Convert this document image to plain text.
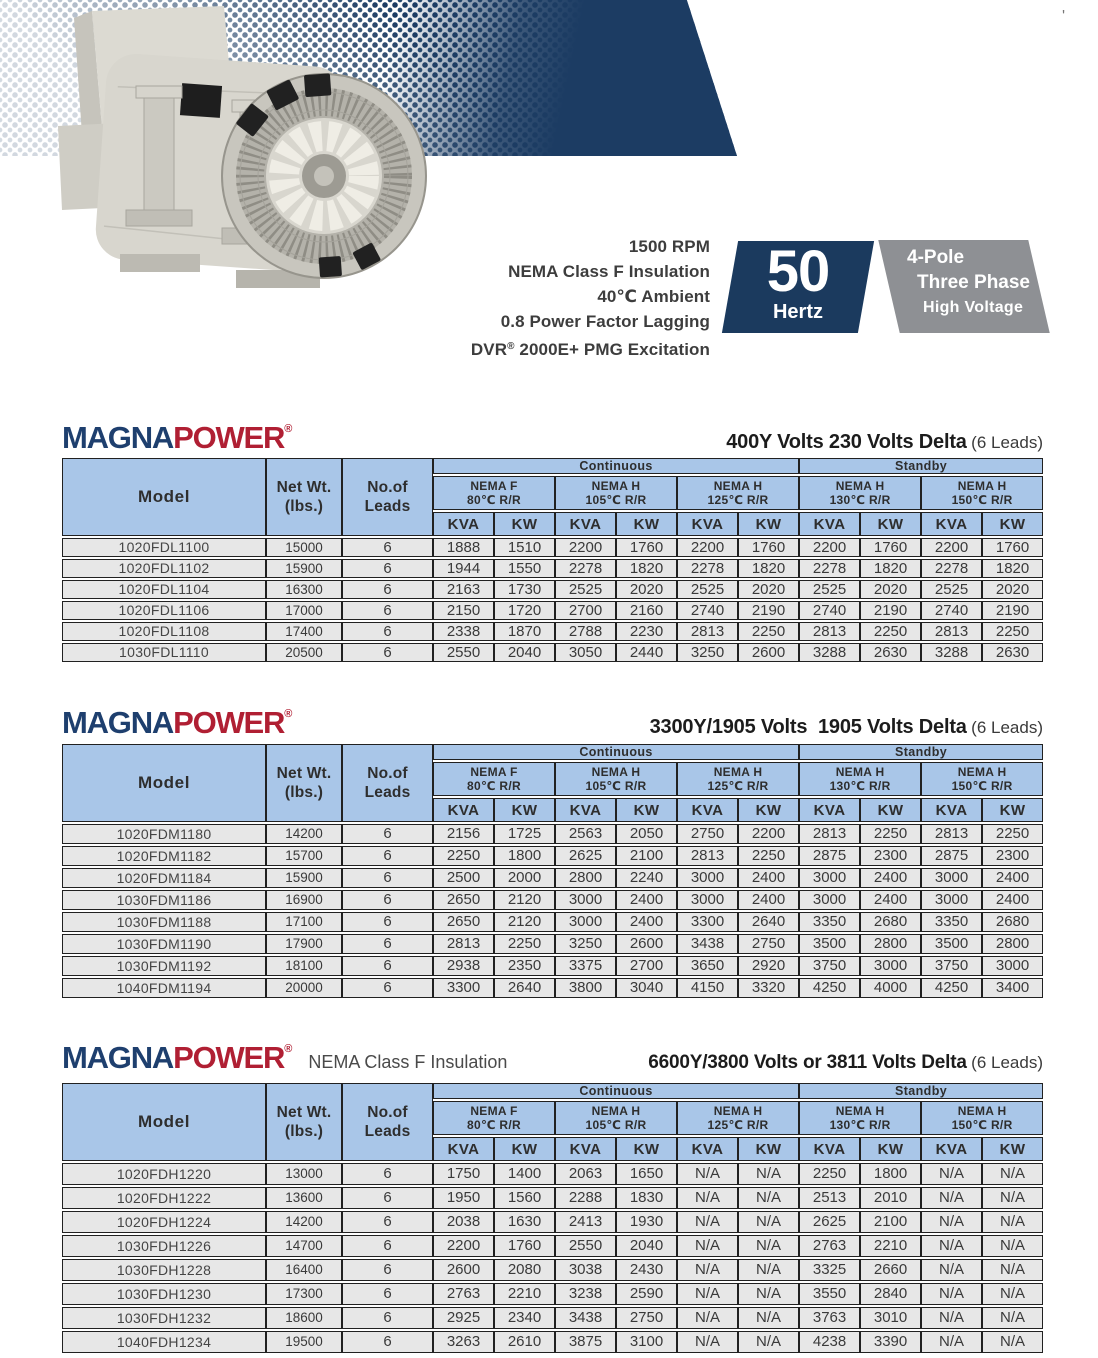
'
1500 RPM
NEMA Class F Insulation
40℃ Ambient
0.8 Power Factor Lagging
DVR® 2000E+ PMG Excitation
50
Hertz
4-Pole
Three Phase
High Voltage
MAGNAPOWER®
400Y Volts 230 Volts Delta (6 Leads)
Model	Net Wt.
(lbs.)

No.of
Leads
	Continuous	Standby

NEMA F
80℃ R/R

NEMA H
105℃ R/R

NEMA H
125℃ R/R

NEMA H
130℃ R/R

NEMA H
150℃ R/R

			KVA	KW	KVA	KW	KVA	KW	KVA	KW	KVA	KW
1020FDL1100	15000	6	1888	1510	2200	1760	2200	1760	2200	1760	2200	1760
1020FDL1102	15900	6	1944	1550	2278	1820	2278	1820	2278	1820	2278	1820
1020FDL1104	16300	6	2163	1730	2525	2020	2525	2020	2525	2020	2525	2020
1020FDL1106	17000	6	2150	1720	2700	2160	2740	2190	2740	2190	2740	2190
1020FDL1108	17400	6	2338	1870	2788	2230	2813	2250	2813	2250	2813	2250
1030FDL1110	20500	6	2550	2040	3050	2440	3250	2600	3288	2630	3288	2630
MAGNAPOWER®
3300Y/1905 Volts  1905 Volts Delta (6 Leads)
Model	Net Wt.
(lbs.)

No.of
Leads
	Continuous	Standby

NEMA F
80℃ R/R

NEMA H
105℃ R/R

NEMA H
125℃ R/R

NEMA H
130℃ R/R

NEMA H
150℃ R/R

			KVA	KW	KVA	KW	KVA	KW	KVA	KW	KVA	KW
1020FDM1180	14200	6	2156	1725	2563	2050	2750	2200	2813	2250	2813	2250
1020FDM1182	15700	6	2250	1800	2625	2100	2813	2250	2875	2300	2875	2300
1020FDM1184	15900	6	2500	2000	2800	2240	3000	2400	3000	2400	3000	2400
1030FDM1186	16900	6	2650	2120	3000	2400	3000	2400	3000	2400	3000	2400
1030FDM1188	17100	6	2650	2120	3000	2400	3300	2640	3350	2680	3350	2680
1030FDM1190	17900	6	2813	2250	3250	2600	3438	2750	3500	2800	3500	2800
1030FDM1192	18100	6	2938	2350	3375	2700	3650	2920	3750	3000	3750	3000
1040FDM1194	20000	6	3300	2640	3800	3040	4150	3320	4250	4000	4250	3400
MAGNAPOWER®
NEMA Class F Insulation	6600Y/3800 Volts or 3811 Volts Delta (6 Leads)
Model	Net Wt.
(lbs.)

No.of
Leads
	Continuous	Standby

NEMA F
80℃ R/R

NEMA H
105℃ R/R

NEMA H
125℃ R/R

NEMA H
130℃ R/R

NEMA H
150℃ R/R

			KVA	KW	KVA	KW	KVA	KW	KVA	KW	KVA	KW
1020FDH1220	13000	6	1750	1400	2063	1650	N/A	N/A	2250	1800	N/A	N/A
1020FDH1222	13600	6	1950	1560	2288	1830	N/A	N/A	2513	2010	N/A	N/A
1020FDH1224	14200	6	2038	1630	2413	1930	N/A	N/A	2625	2100	N/A	N/A
1030FDH1226	14700	6	2200	1760	2550	2040	N/A	N/A	2763	2210	N/A	N/A
1030FDH1228	16400	6	2600	2080	3038	2430	N/A	N/A	3325	2660	N/A	N/A
1030FDH1230	17300	6	2763	2210	3238	2590	N/A	N/A	3550	2840	N/A	N/A
1030FDH1232	18600	6	2925	2340	3438	2750	N/A	N/A	3763	3010	N/A	N/A
1040FDH1234	19500	6	3263	2610	3875	3100	N/A	N/A	4238	3390	N/A	N/A
